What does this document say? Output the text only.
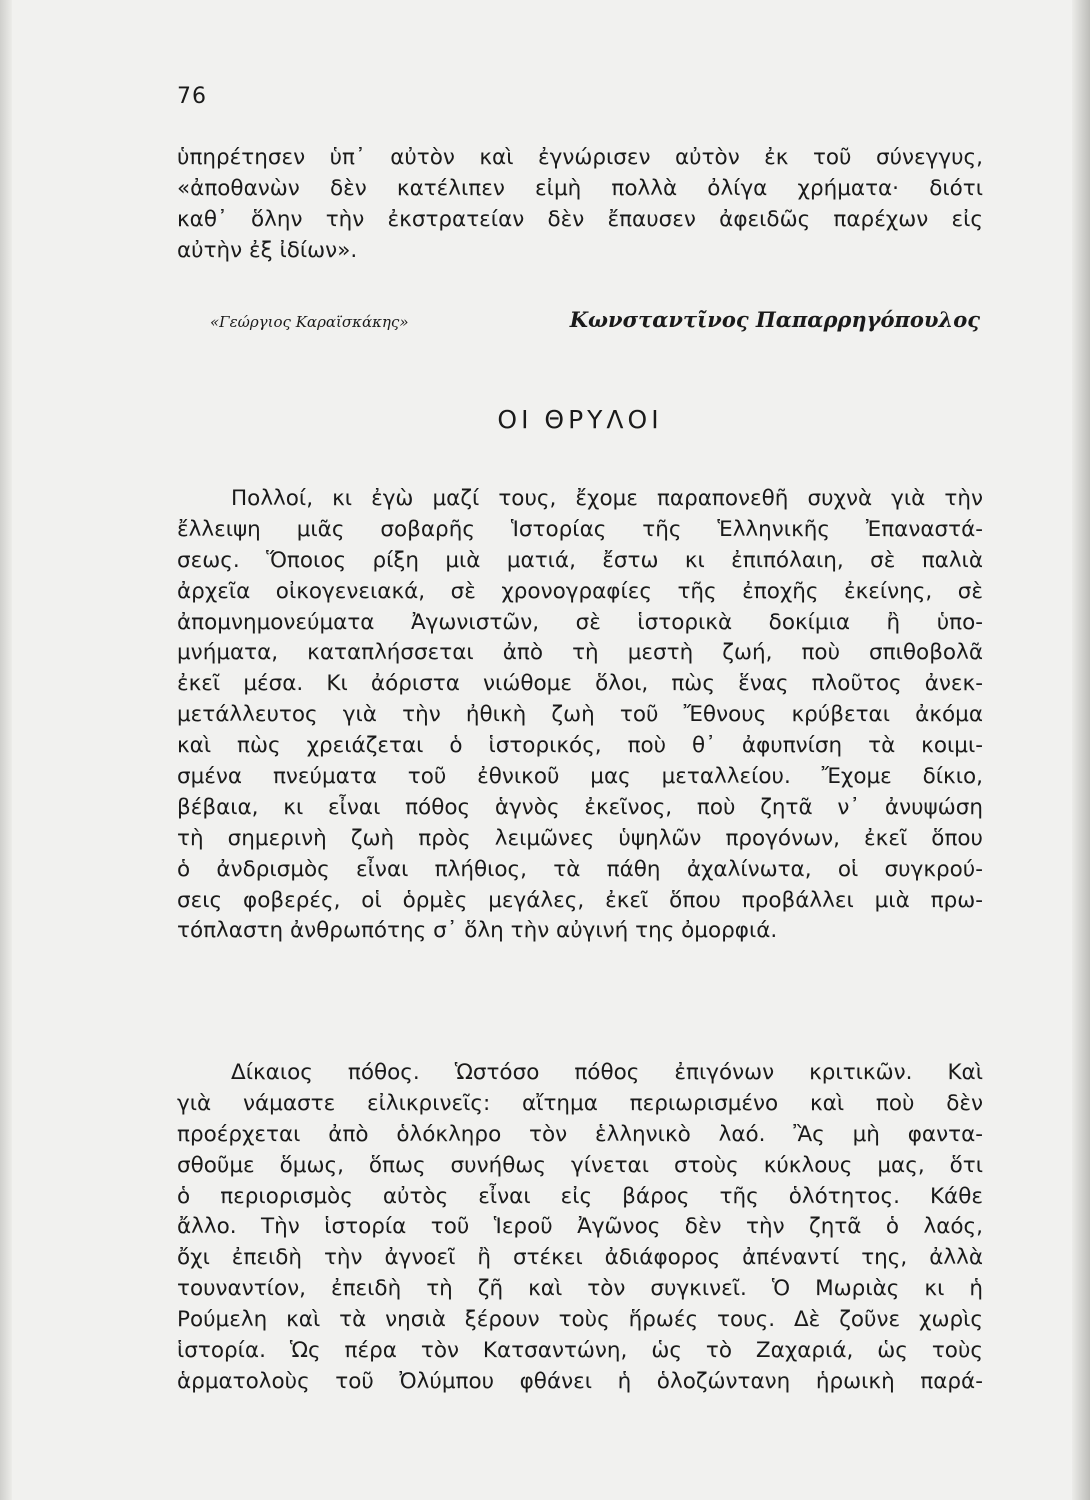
76
ὑπηρέτησεν ὑπ᾽ αὐτὸν καὶ ἐγνώρισεν αὐτὸν ἐκ τοῦ σύνεγγυς,
«ἀποθανὼν δὲν κατέλιπεν εἰμὴ πολλὰ ὀλίγα χρήματα· διότι
καθ᾽ ὅλην τὴν ἐκστρατείαν δὲν ἔπαυσεν ἀφειδῶς παρέχων εἰς
αὐτὴν ἐξ ἰδίων».
«Γεώργιος Καραϊσκάκης»	Κωνσταντῖνος Παπαρρηγόπουλος
ΟΙ ΘΡΥΛΟΙ
Πολλοί, κι ἐγὼ μαζί τους, ἔχομε παραπονεθῆ συχνὰ γιὰ τὴν
ἔλλειψη μιᾶς σοβαρῆς Ἱστορίας τῆς Ἑλληνικῆς Ἐπαναστά-
σεως. Ὅποιος ρίξη μιὰ ματιά, ἔστω κι ἐπιπόλαιη, σὲ παλιὰ
ἀρχεῖα οἰκογενειακά, σὲ χρονογραφίες τῆς ἐποχῆς ἐκείνης, σὲ
ἀπομνημονεύματα Ἀγωνιστῶν, σὲ ἱστορικὰ δοκίμια ἢ ὑπο-
μνήματα, καταπλήσσεται ἀπὸ τὴ μεστὴ ζωή, ποὺ σπιθοβολᾶ
ἐκεῖ μέσα. Κι ἀόριστα νιώθομε ὅλοι, πὼς ἕνας πλοῦτος ἀνεκ-
μετάλλευτος γιὰ τὴν ἠθικὴ ζωὴ τοῦ Ἔθνους κρύβεται ἀκόμα
καὶ πὼς χρειάζεται ὁ ἱστορικός, ποὺ θ᾽ ἀφυπνίση τὰ κοιμι-
σμένα πνεύματα τοῦ ἐθνικοῦ μας μεταλλείου. Ἔχομε δίκιο,
βέβαια, κι εἶναι πόθος ἁγνὸς ἐκεῖνος, ποὺ ζητᾶ ν᾽ ἀνυψώση
τὴ σημερινὴ ζωὴ πρὸς λειμῶνες ὑψηλῶν προγόνων, ἐκεῖ ὅπου
ὁ ἀνδρισμὸς εἶναι πλήθιος, τὰ πάθη ἀχαλίνωτα, οἱ συγκρού-
σεις φοβερές, οἱ ὁρμὲς μεγάλες, ἐκεῖ ὅπου προβάλλει μιὰ πρω-
τόπλαστη ἀνθρωπότης σ᾽ ὅλη τὴν αὐγινή της ὀμορφιά.
Δίκαιος πόθος. Ὡστόσο πόθος ἐπιγόνων κριτικῶν. Καὶ
γιὰ νάμαστε εἰλικρινεῖς: αἴτημα περιωρισμένο καὶ ποὺ δὲν
προέρχεται ἀπὸ ὁλόκληρο τὸν ἑλληνικὸ λαό. Ἂς μὴ φαντα-
σθοῦμε ὅμως, ὅπως συνήθως γίνεται στοὺς κύκλους μας, ὅτι
ὁ περιορισμὸς αὐτὸς εἶναι εἰς βάρος τῆς ὁλότητος. Κάθε
ἄλλο. Τὴν ἱστορία τοῦ Ἱεροῦ Ἀγῶνος δὲν τὴν ζητᾶ ὁ λαός,
ὄχι ἐπειδὴ τὴν ἀγνοεῖ ἢ στέκει ἀδιάφορος ἀπέναντί της, ἀλλὰ
τουναντίον, ἐπειδὴ τὴ ζῆ καὶ τὸν συγκινεῖ. Ὁ Μωριὰς κι ἡ
Ρούμελη καὶ τὰ νησιὰ ξέρουν τοὺς ἥρωές τους. Δὲ ζοῦνε χωρὶς
ἱστορία. Ὡς πέρα τὸν Κατσαντώνη, ὡς τὸ Ζαχαριά, ὡς τοὺς
ἁρματολοὺς τοῦ Ὀλύμπου φθάνει ἡ ὁλοζώντανη ἡρωικὴ παρά-
